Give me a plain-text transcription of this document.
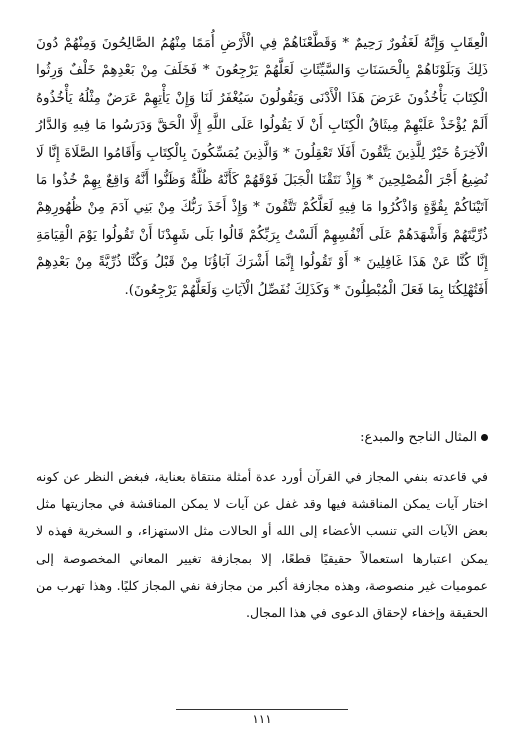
الْعِقَابِ وَإِنَّهُ لَغَفُورٌ رَحِيمٌ * وَقَطَّعْنَاهُمْ فِي الْأَرْضِ أُمَمًا مِنْهُمُ الصَّالِحُونَ وَمِنْهُمْ دُونَ ذَلِكَ وَبَلَوْنَاهُمْ بِالْحَسَنَاتِ وَالسَّيِّئَاتِ لَعَلَّهُمْ يَرْجِعُونَ * فَخَلَفَ مِنْ بَعْدِهِمْ خَلْفٌ وَرِثُوا الْكِتَابَ يَأْخُذُونَ عَرَضَ هَذَا الْأَدْنَى وَيَقُولُونَ سَيُغْفَرُ لَنَا وَإِنْ يَأْتِهِمْ عَرَضٌ مِثْلُهُ يَأْخُذُوهُ أَلَمْ يُؤْخَذْ عَلَيْهِمْ مِيثَاقُ الْكِتَابِ أَنْ لَا يَقُولُوا عَلَى اللَّهِ إِلَّا الْحَقَّ وَدَرَسُوا مَا فِيهِ وَالدَّارُ الْآخِرَةُ خَيْرٌ لِلَّذِينَ يَتَّقُونَ أَفَلَا تَعْقِلُونَ * وَالَّذِينَ يُمَسِّكُونَ بِالْكِتَابِ وَأَقَامُوا الصَّلَاةَ إِنَّا لَا نُضِيعُ أَجْرَ الْمُصْلِحِينَ * وَإِذْ نَتَقْنَا الْجَبَلَ فَوْقَهُمْ كَأَنَّهُ ظُلَّةٌ وَظَنُّوا أَنَّهُ وَاقِعٌ بِهِمْ خُذُوا مَا آتَيْنَاكُمْ بِقُوَّةٍ وَاذْكُرُوا مَا فِيهِ لَعَلَّكُمْ تَتَّقُونَ * وَإِذْ أَخَذَ رَبُّكَ مِنْ بَنِي آدَمَ مِنْ ظُهُورِهِمْ ذُرِّيَّتَهُمْ وَأَشْهَدَهُمْ عَلَى أَنْفُسِهِمْ أَلَسْتُ بِرَبِّكُمْ قَالُوا بَلَى شَهِدْنَا أَنْ تَقُولُوا يَوْمَ الْقِيَامَةِ إِنَّا كُنَّا عَنْ هَذَا غَافِلِينَ * أَوْ تَقُولُوا إِنَّمَا أَشْرَكَ آبَاؤُنَا مِنْ قَبْلُ وَكُنَّا ذُرِّيَّةً مِنْ بَعْدِهِمْ أَفَتُهْلِكُنَا بِمَا فَعَلَ الْمُبْطِلُونَ * وَكَذَلِكَ نُفَصِّلُ الْآيَاتِ وَلَعَلَّهُمْ يَرْجِعُونَ).

المثال الناجح والمبدع:

في قاعدته بنفي المجاز في القرآن أورد عدة أمثلة منتقاة بعناية، فبغض النظر عن كونه اختار آيات يمكن المناقشة فيها وقد غفل عن آيات لا يمكن المناقشة في مجازيتها مثل بعض الآيات التي تنسب الأعضاء إلى الله أو الحالات مثل الاستهزاء، و السخرية فهذه لا يمكن اعتبارها استعمالاً حقيقيًا قطعًا، إلا بمجازفة تغيير المعاني المخصوصة إلى عموميات غير منصوصة، وهذه مجازفة أكبر من مجازفة نفي المجاز كليًا. وهذا تهرب من الحقيقة وإخفاء لإحقاق الدعوى في هذا المجال.

١١١
